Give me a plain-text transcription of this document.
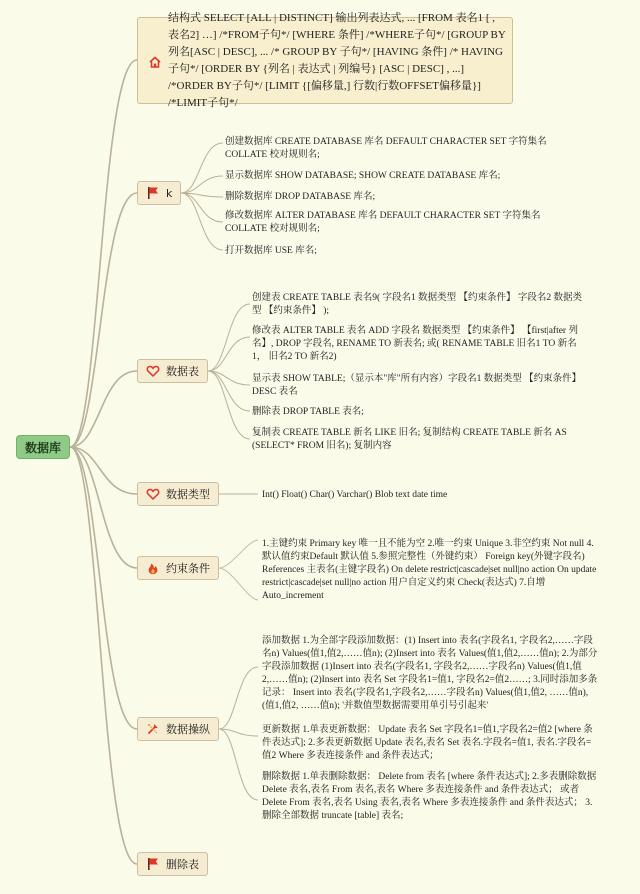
数据库
结构式 SELECT [ALL | DISTINCT] 输出列表达式, ... [FROM 表名1 [ , 表名2] …] /*FROM子句*/ [WHERE 条件] /*WHERE子句*/ [GROUP BY 列名[ASC | DESC], ... /* GROUP BY 子句*/ [HAVING 条件] /* HAVING 子句*/ [ORDER BY {列名 | 表达式 | 列编号} [ASC | DESC] , ...] /*ORDER BY子句*/ [LIMIT {[偏移量,] 行数|行数OFFSET偏移量}] /*LIMIT子句*/
k
数据表
数据类型
约束条件
数据操纵
删除表

创建数据库 CREATE DATABASE 库名 DEFAULT CHARACTER SET 字符集名 COLLATE 校对规则名;

显示数据库 SHOW DATABASE; SHOW CREATE DATABASE 库名;

删除数据库 DROP DATABASE 库名;

修改数据库 ALTER DATABASE 库名 DEFAULT CHARACTER SET 字符集名 COLLATE 校对规则名;

打开数据库 USE 库名;

创建表 CREATE TABLE 表名9( 字段名1 数据类型 【约束条件】 字段名2 数据类型 【约束条件】 );

修改表 ALTER TABLE 表名 ADD 字段名 数据类型 【约束条件】 【first|after 列名】, DROP 字段名, RENAME TO 新表名; 或( RENAME TABLE 旧名1 TO 新名1， 旧名2 TO 新名2)

显示表 SHOW TABLE;（显示本"库"所有内容）字段名1 数据类型 【约束条件】 DESC 表名

删除表 DROP TABLE 表名;

复制表 CREATE TABLE 新名 LIKE 旧名; 复制结构 CREATE TABLE 新名 AS (SELECT* FROM 旧名); 复制内容

Int() Float() Char() Varchar() Blob text date time

1.主键约束 Primary key 唯一且不能为空 2.唯一约束 Unique 3.非空约束 Not null 4.默认值约束Default 默认值 5.参照完整性（外键约束） Foreign key(外键字段名) References 主表名(主键字段名) On delete restrict|cascade|set null|no action On update restrict|cascade|set null|no action 用户自定义约束 Check(表达式) 7.自增 Auto_increment

添加数据 1.为全部字段添加数据：(1) Insert into 表名(字段名1, 字段名2,……字段名n) Values(值1,值2,……值n); (2)Insert into 表名 Values(值1,值2,……值n); 2.为部分字段添加数据 (1)Insert into 表名(字段名1, 字段名2,……字段名n) Values(值1,值2,……值n); (2)Insert into 表名 Set 字段名1=值1, 字段名2=值2……; 3.同时添加多条记录： Insert into 表名(字段名1,字段名2,……字段名n) Values(值1,值2, ……值n),(值1,值2, ……值n); '并数值型数据需要用单引号引起来'

更新数据 1.单表更新数据： Update 表名 Set 字段名1=值1,字段名2=值2 [where 条件表达式]; 2.多表更新数据 Update 表名,表名 Set 表名.字段名=值1, 表名.字段名=值2 Where 多表连接条件 and 条件表达式；

删除数据 1.单表删除数据： Delete from 表名 [where 条件表达式]; 2.多表删除数据 Delete 表名,表名 From 表名,表名 Where 多表连接条件 and 条件表达式； 或者 Delete From 表名,表名 Using 表名,表名 Where 多表连接条件 and 条件表达式； 3.删除全部数据 truncate [table] 表名;
